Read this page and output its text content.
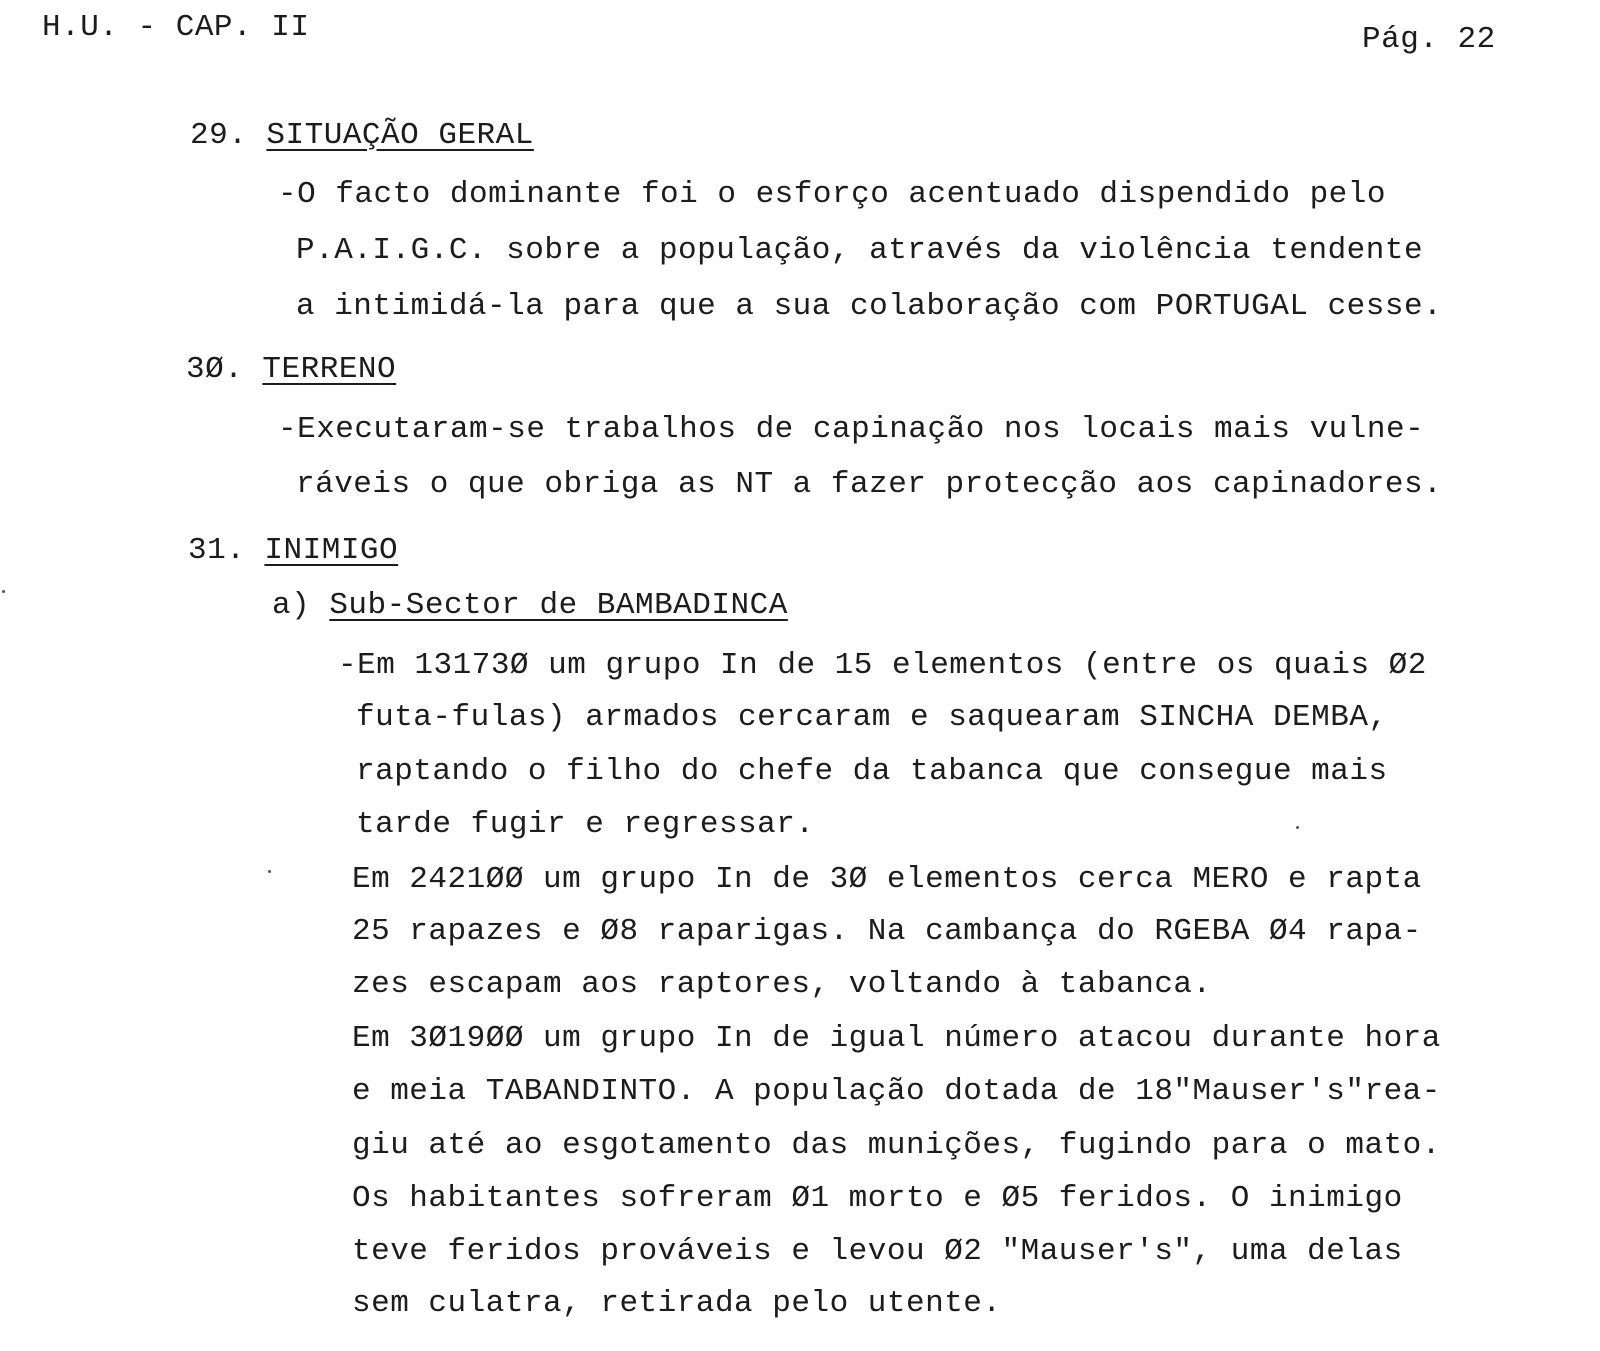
H.U. - CAP. II	Pág. 22
29. SITUAÇÃO GERAL
-O facto dominante foi o esforço acentuado dispendido pelo
P.A.I.G.C. sobre a população, através da violência tendente
a intimidá-la para que a sua colaboração com PORTUGAL cesse.
3Ø. TERRENO
-Executaram-se trabalhos de capinação nos locais mais vulne-
ráveis o que obriga as NT a fazer protecção aos capinadores.
31. INIMIGO
a) Sub-Sector de BAMBADINCA
-Em 13173Ø um grupo In de 15 elementos (entre os quais Ø2
futa-fulas) armados cercaram e saquearam SINCHA DEMBA,
raptando o filho do chefe da tabanca que consegue mais
tarde fugir e regressar.
Em 2421ØØ um grupo In de 3Ø elementos cerca MERO e rapta
25 rapazes e Ø8 raparigas. Na cambança do RGEBA Ø4 rapa-
zes escapam aos raptores, voltando à tabanca.
Em 3Ø19ØØ um grupo In de igual número atacou durante hora
e meia TABANDINTO. A população dotada de 18"Mauser's"rea-
giu até ao esgotamento das munições, fugindo para o mato.
Os habitantes sofreram Ø1 morto e Ø5 feridos. O inimigo
teve feridos prováveis e levou Ø2 "Mauser's", uma delas
sem culatra, retirada pelo utente.
